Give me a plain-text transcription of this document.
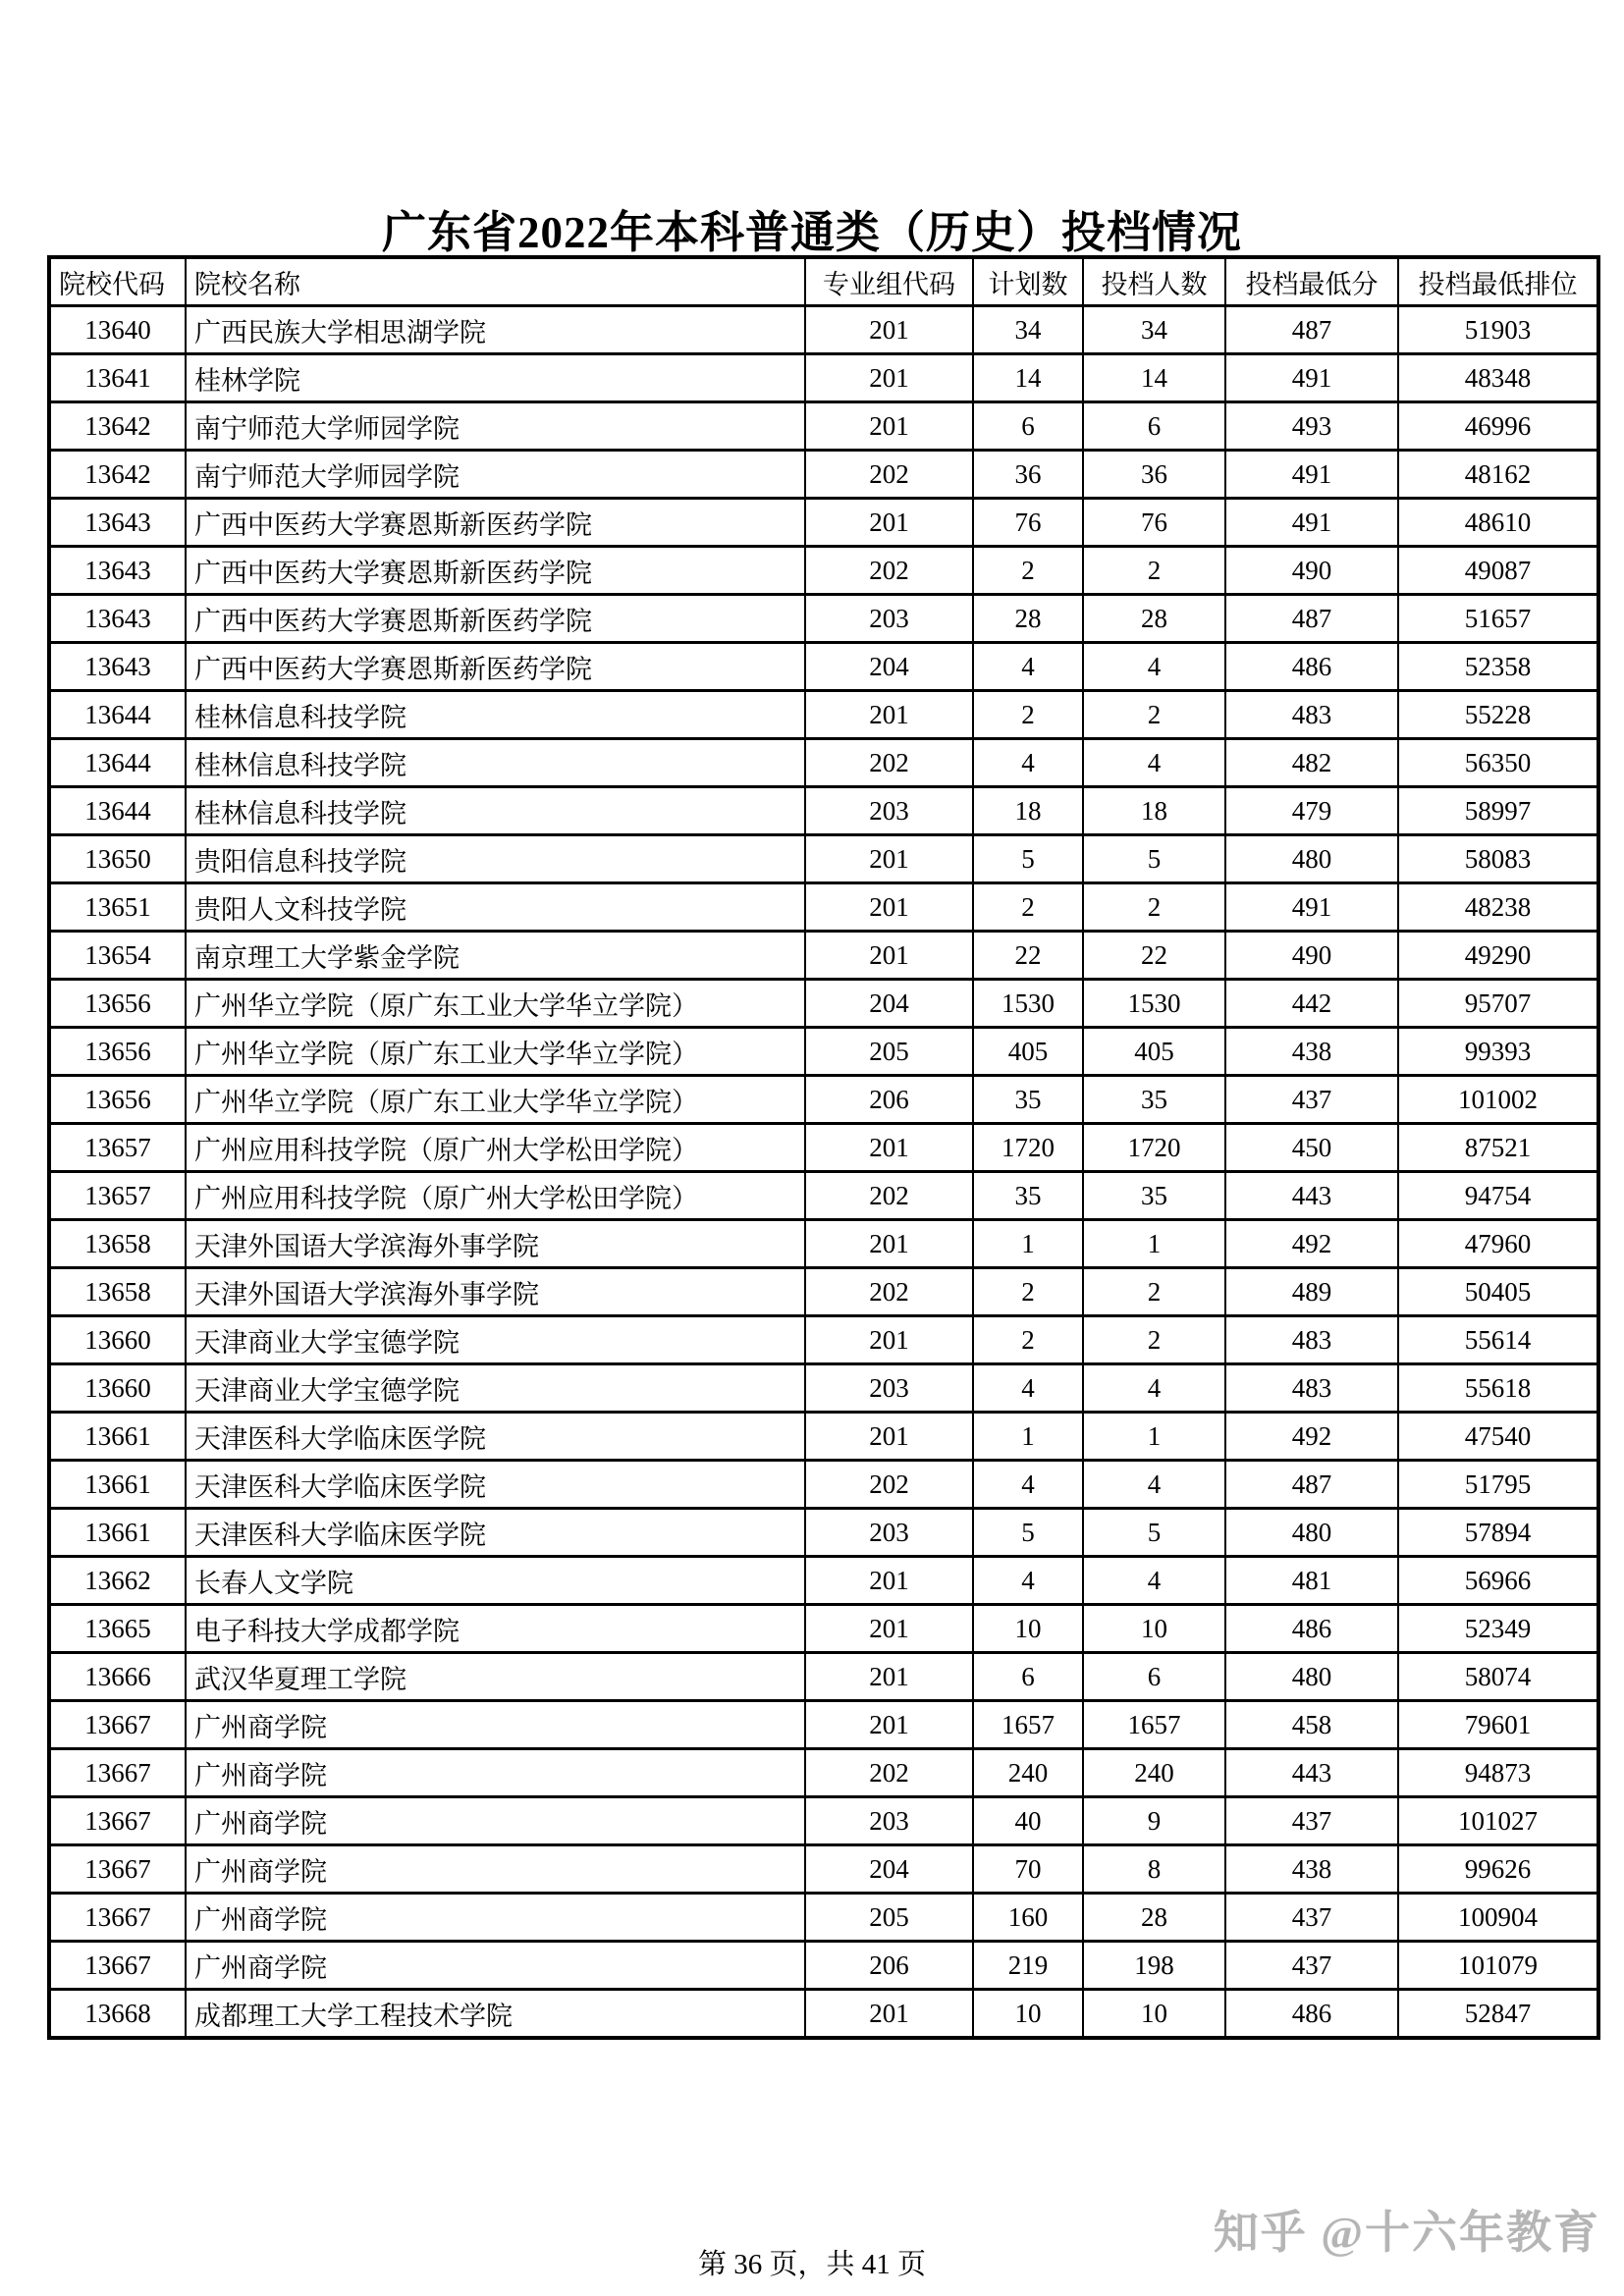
广东省2022年本科普通类（历史）投档情况
院校代码	院校名称	专业组代码	计划数	投档人数	投档最低分	投档最低排位
13640	广西民族大学相思湖学院	201	34	34	487	51903
13641	桂林学院	201	14	14	491	48348
13642	南宁师范大学师园学院	201	6	6	493	46996
13642	南宁师范大学师园学院	202	36	36	491	48162
13643	广西中医药大学赛恩斯新医药学院	201	76	76	491	48610
13643	广西中医药大学赛恩斯新医药学院	202	2	2	490	49087
13643	广西中医药大学赛恩斯新医药学院	203	28	28	487	51657
13643	广西中医药大学赛恩斯新医药学院	204	4	4	486	52358
13644	桂林信息科技学院	201	2	2	483	55228
13644	桂林信息科技学院	202	4	4	482	56350
13644	桂林信息科技学院	203	18	18	479	58997
13650	贵阳信息科技学院	201	5	5	480	58083
13651	贵阳人文科技学院	201	2	2	491	48238
13654	南京理工大学紫金学院	201	22	22	490	49290
13656	广州华立学院（原广东工业大学华立学院）	204	1530	1530	442	95707
13656	广州华立学院（原广东工业大学华立学院）	205	405	405	438	99393
13656	广州华立学院（原广东工业大学华立学院）	206	35	35	437	101002
13657	广州应用科技学院（原广州大学松田学院）	201	1720	1720	450	87521
13657	广州应用科技学院（原广州大学松田学院）	202	35	35	443	94754
13658	天津外国语大学滨海外事学院	201	1	1	492	47960
13658	天津外国语大学滨海外事学院	202	2	2	489	50405
13660	天津商业大学宝德学院	201	2	2	483	55614
13660	天津商业大学宝德学院	203	4	4	483	55618
13661	天津医科大学临床医学院	201	1	1	492	47540
13661	天津医科大学临床医学院	202	4	4	487	51795
13661	天津医科大学临床医学院	203	5	5	480	57894
13662	长春人文学院	201	4	4	481	56966
13665	电子科技大学成都学院	201	10	10	486	52349
13666	武汉华夏理工学院	201	6	6	480	58074
13667	广州商学院	201	1657	1657	458	79601
13667	广州商学院	202	240	240	443	94873
13667	广州商学院	203	40	9	437	101027
13667	广州商学院	204	70	8	438	99626
13667	广州商学院	205	160	28	437	100904
13667	广州商学院	206	219	198	437	101079
13668	成都理工大学工程技术学院	201	10	10	486	52847
第 36 页，共 41 页
知乎 @十六年教育
